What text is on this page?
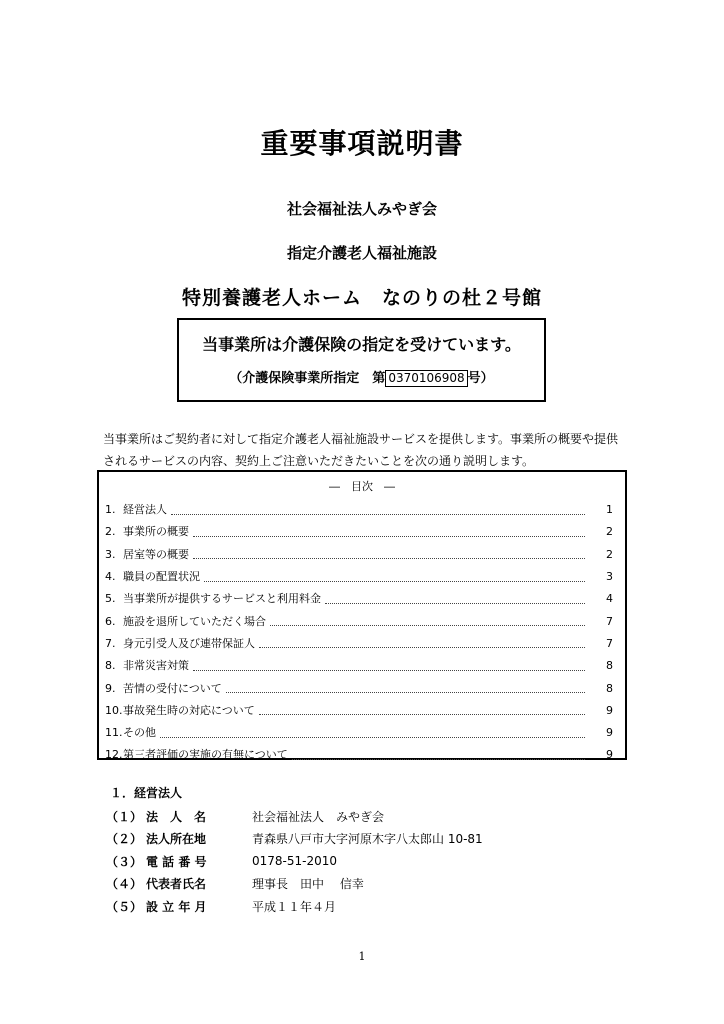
重要事項説明書
社会福祉法人みやぎ会
指定介護老人福祉施設
特別養護老人ホーム　なのりの杜２号館
当事業所は介護保険の指定を受けています。
（介護保険事業所指定　第 0370106908 号）
当事業所はご契約者に対して指定介護老人福祉施設サービスを提供します。事業所の概要や提供されるサービスの内容、契約上ご注意いただきたいことを次の通り説明します。
―　目次　―
1. 経営法人	1
2. 事業所の概要	2
3. 居室等の概要	2
4. 職員の配置状況	3
5. 当事業所が提供するサービスと利用料金	4
6. 施設を退所していただく場合	7
7. 身元引受人及び連帯保証人	7
8. 非常災害対策	8
9. 苦情の受付について	8
10. 事故発生時の対応について	9
11. その他	9
12. 第三者評価の実施の有無について	9
１．経営法人
（１） 法　人　名	社会福祉法人　みやぎ会
（２） 法人所在地	青森県八戸市大字河原木字八太郎山 10-81
（３） 電 話 番 号	0178-51-2010
（４） 代表者氏名	理事長　田中　 信幸
（５） 設 立 年 月	平成１１年４月
1
